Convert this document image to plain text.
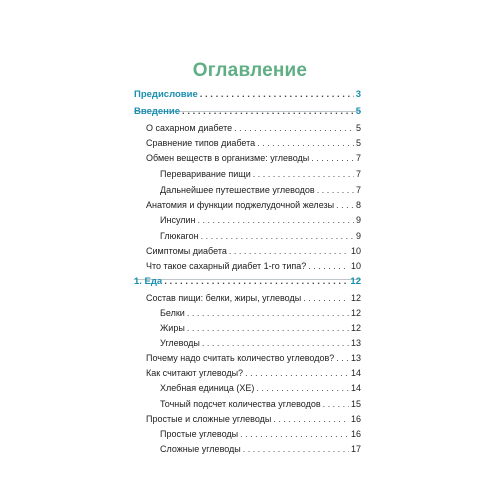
Оглавление
Предисловие . . .	3
Введение . . .	5
О сахарном диабете . . .	5
Сравнение типов диабета . . .	5
Обмен веществ в организме: углеводы . . .	7
Переваривание пищи . . .	7
Дальнейшее путешествие углеводов . . .	7
Анатомия и функции поджелудочной железы . . . 8
Инсулин . . .	9
Глюкагон . . .	9
Симптомы диабета . . .	10
Что такое сахарный диабет 1-го типа? . . .	10
1. Еда . . .	12
Состав пищи: белки, жиры, углеводы . . .	12
Белки . . .	12
Жиры . . .	12
Углеводы . . .	13
Почему надо считать количество углеводов? . . . 13
Как считают углеводы? . . .	14
Хлебная единица (ХЕ) . . .	14
Точный подсчет количества углеводов . . .	15
Простые и сложные углеводы . . .	16
Простые углеводы . . .	16
Сложные углеводы . . .	17
